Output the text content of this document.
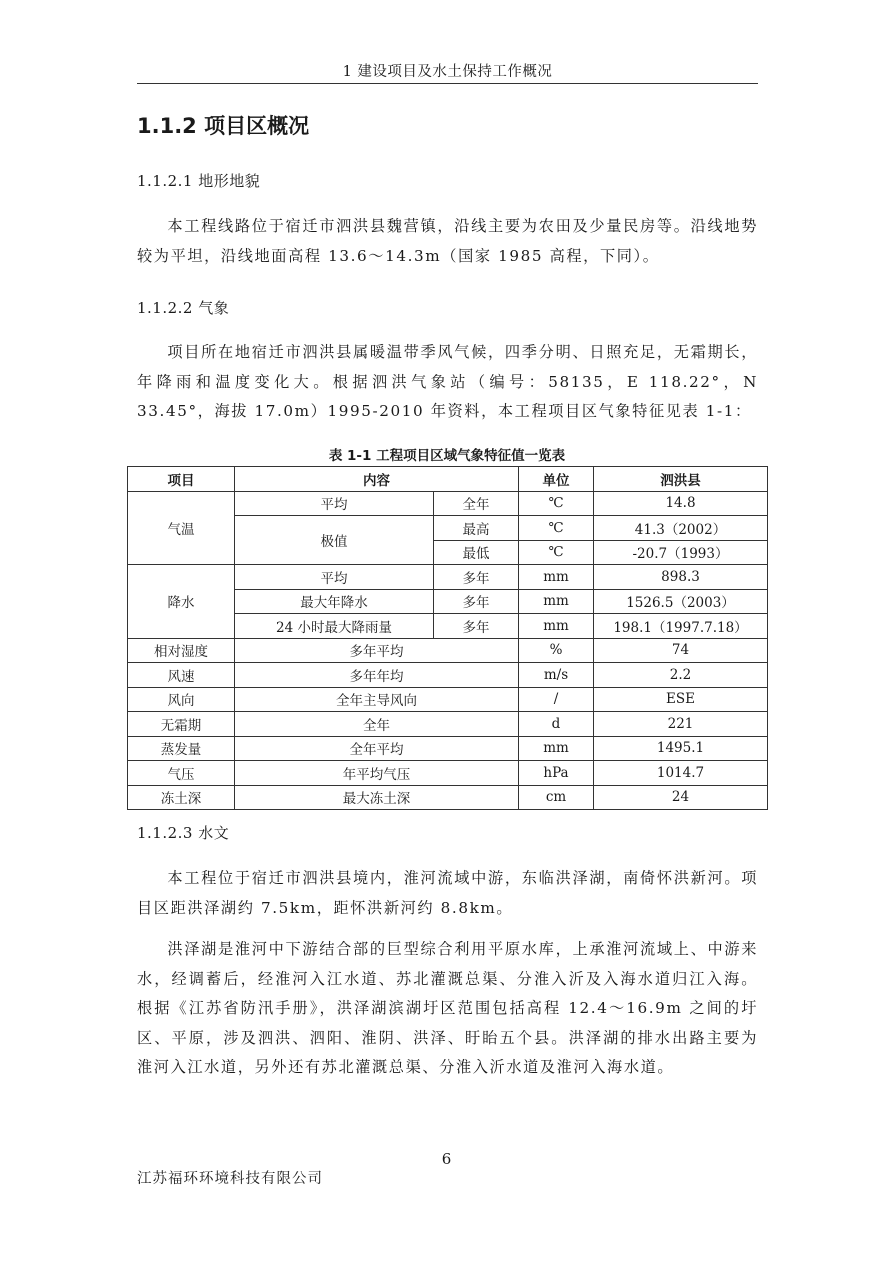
1 建设项目及水土保持工作概况
1.1.2 项目区概况
1.1.2.1 地形地貌

本工程线路位于宿迁市泗洪县魏营镇，沿线主要为农田及少量民房等。沿线地势较为平坦，沿线地面高程 13.6～14.3m（国家 1985 高程，下同）。

1.1.2.2 气象

项目所在地宿迁市泗洪县属暖温带季风气候，四季分明、日照充足，无霜期长，年降雨和温度变化大。根据泗洪气象站（编号：58135，E 118.22°，N 33.45°，海拔 17.0m）1995-2010 年资料，本工程项目区气象特征见表 1-1：

表 1-1 工程项目区域气象特征值一览表
项目	内容		单位	泗洪县
气温	平均	全年	℃	14.8
	极值	最高	℃	41.3（2002）
		最低	℃	-20.7（1993）
降水	平均	多年	mm	898.3
	最大年降水	多年	mm	1526.5（2003）
	24 小时最大降雨量	多年	mm	198.1（1997.7.18）
相对湿度	多年平均		%	74
风速	多年年均		m/s	2.2
风向	全年主导风向		/	ESE
无霜期	全年		d	221
蒸发量	全年平均		mm	1495.1
气压	年平均气压		hPa	1014.7
冻土深	最大冻土深		cm	24
1.1.2.3 水文

本工程位于宿迁市泗洪县境内，淮河流域中游，东临洪泽湖，南倚怀洪新河。项目区距洪泽湖约 7.5km，距怀洪新河约 8.8km。

洪泽湖是淮河中下游结合部的巨型综合利用平原水库，上承淮河流域上、中游来水，经调蓄后，经淮河入江水道、苏北灌溉总渠、分淮入沂及入海水道归江入海。根据《江苏省防汛手册》，洪泽湖滨湖圩区范围包括高程 12.4～16.9m 之间的圩区、平原，涉及泗洪、泗阳、淮阴、洪泽、盱眙五个县。洪泽湖的排水出路主要为淮河入江水道，另外还有苏北灌溉总渠、分淮入沂水道及淮河入海水道。

6
江苏福环环境科技有限公司
